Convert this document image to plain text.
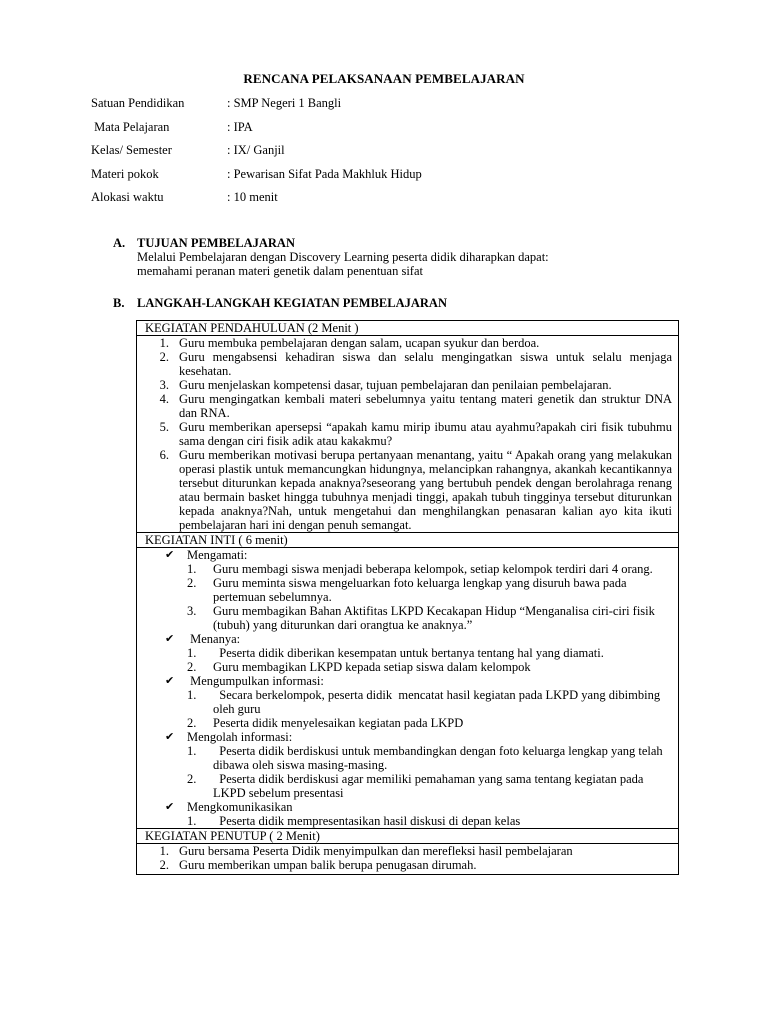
RENCANA PELAKSANAAN PEMBELAJARAN
Satuan Pendidikan	: SMP Negeri 1 Bangli
Mata Pelajaran	: IPA
Kelas/ Semester	: IX/ Ganjil
Materi pokok	: Pewarisan Sifat Pada Makhluk Hidup
Alokasi waktu	: 10 menit
A. TUJUAN PEMBELAJARAN
Melalui Pembelajaran dengan Discovery Learning peserta didik diharapkan dapat:
memahami peranan materi genetik dalam penentuan sifat
B.	LANGKAH-LANGKAH KEGIATAN PEMBELAJARAN
KEGIATAN PENDAHULUAN (2 Menit )

1. Guru membuka pembelajaran dengan salam, ucapan syukur dan berdoa.
2. Guru mengabsensi kehadiran siswa dan selalu mengingatkan siswa untuk selalu menjaga kesehatan.
3. Guru menjelaskan kompetensi dasar, tujuan pembelajaran dan penilaian pembelajaran.
4. Guru mengingatkan kembali materi sebelumnya yaitu tentang materi genetik dan struktur DNA dan RNA.
5. Guru memberikan apersepsi “apakah kamu mirip ibumu atau ayahmu?apakah ciri fisik tubuhmu sama dengan ciri fisik adik atau kakakmu?
6. Guru memberikan motivasi berupa pertanyaan menantang, yaitu “ Apakah orang yang melakukan operasi plastik untuk memancungkan hidungnya, melancipkan rahangnya, akankah kecantikannya tersebut diturunkan kepada anaknya?seseorang yang bertubuh pendek dengan berolahraga renang atau bermain basket hingga tubuhnya menjadi tinggi, apakah tubuh tingginya tersebut diturunkan kepada anaknya?Nah, untuk mengetahui dan menghilangkan penasaran kalian ayo kita ikuti pembelajaran hari ini dengan penuh semangat.

KEGIATAN INTI ( 6 menit)

✔	Mengamati:
1.	Guru membagi siswa menjadi beberapa kelompok, setiap kelompok terdiri dari 4 orang.
2.	Guru meminta siswa mengeluarkan foto keluarga lengkap yang disuruh bawa pada pertemuan sebelumnya.
3.	Guru membagikan Bahan Aktifitas LKPD Kecakapan Hidup “Menganalisa ciri-ciri fisik (tubuh) yang diturunkan dari orangtua ke anaknya.”
✔	Menanya:
1.	Peserta didik diberikan kesempatan untuk bertanya tentang hal yang diamati.
2.	Guru membagikan LKPD kepada setiap siswa dalam kelompok
✔	Mengumpulkan informasi:
1.	Secara berkelompok, peserta didik  mencatat hasil kegiatan pada LKPD yang dibimbing oleh guru
2.	Peserta didik menyelesaikan kegiatan pada LKPD
✔	Mengolah informasi:
1.	Peserta didik berdiskusi untuk membandingkan dengan foto keluarga lengkap yang telah dibawa oleh siswa masing-masing.
2.	Peserta didik berdiskusi agar memiliki pemahaman yang sama tentang kegiatan pada LKPD sebelum presentasi
✔	Mengkomunikasikan
1.	Peserta didik mempresentasikan hasil diskusi di depan kelas

KEGIATAN PENUTUP ( 2 Menit)

1. Guru bersama Peserta Didik menyimpulkan dan merefleksi hasil pembelajaran
2. Guru memberikan umpan balik berupa penugasan dirumah.
